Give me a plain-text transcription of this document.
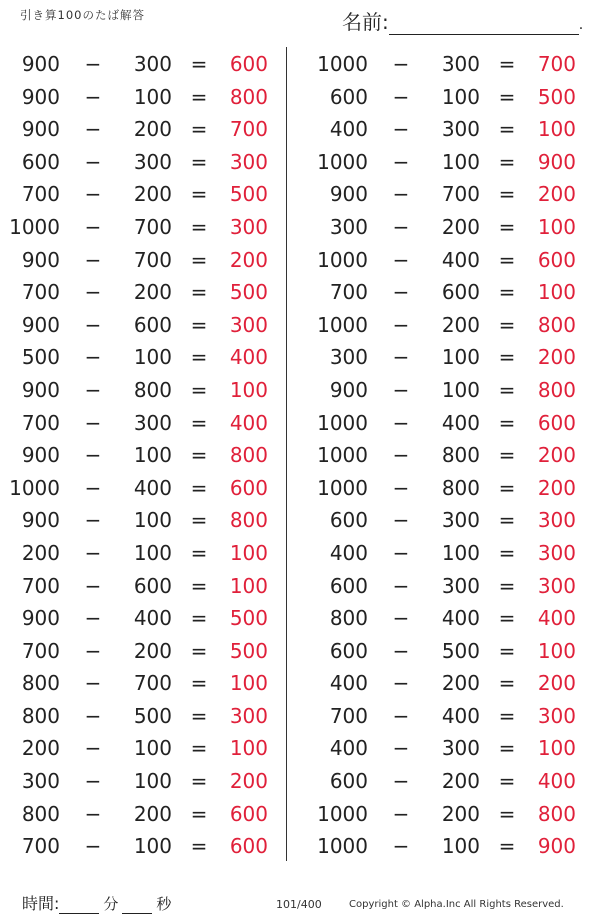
引き算100のたば解答	名前:	.
900 −	300 =	600
900 −	100 =	800
900 −	200 =	700
600 −	300 =	300
700 −	200 =	500
1000 −	700 =	300
900 −	700 =	200
700 −	200 =	500
900 −	600 =	300
500 −	100 =	400
900 −	800 =	100
700 −	300 =	400
900 −	100 =	800
1000 −	400 =	600
900 −	100 =	800
200 −	100 =	100
700 −	600 =	100
900 −	400 =	500
700 −	200 =	500
800 −	700 =	100
800 −	500 =	300
200 −	100 =	100
300 −	100 =	200
800 −	200 =	600
700 −	100 =	600
1000 −	300 =	700
600 −	100 =	500
400 −	300 =	100
1000 −	100 =	900
900 −	700 =	200
300 −	200 =	100
1000 −	400 =	600
700 −	600 =	100
1000 −	200 =	800
300 −	100 =	200
900 −	100 =	800
1000 −	400 =	600
1000 −	800 =	200
1000 −	800 =	200
600 −	300 =	300
400 −	100 =	300
600 −	300 =	300
800 −	400 =	400
600 −	500 =	100
400 −	200 =	200
700 −	400 =	300
400 −	300 =	100
600 −	200 =	400
1000 −	200 =	800
1000 −	100 =	900
時間:	分	秒	101/400	Copyright © Alpha.Inc All Rights Reserved.
